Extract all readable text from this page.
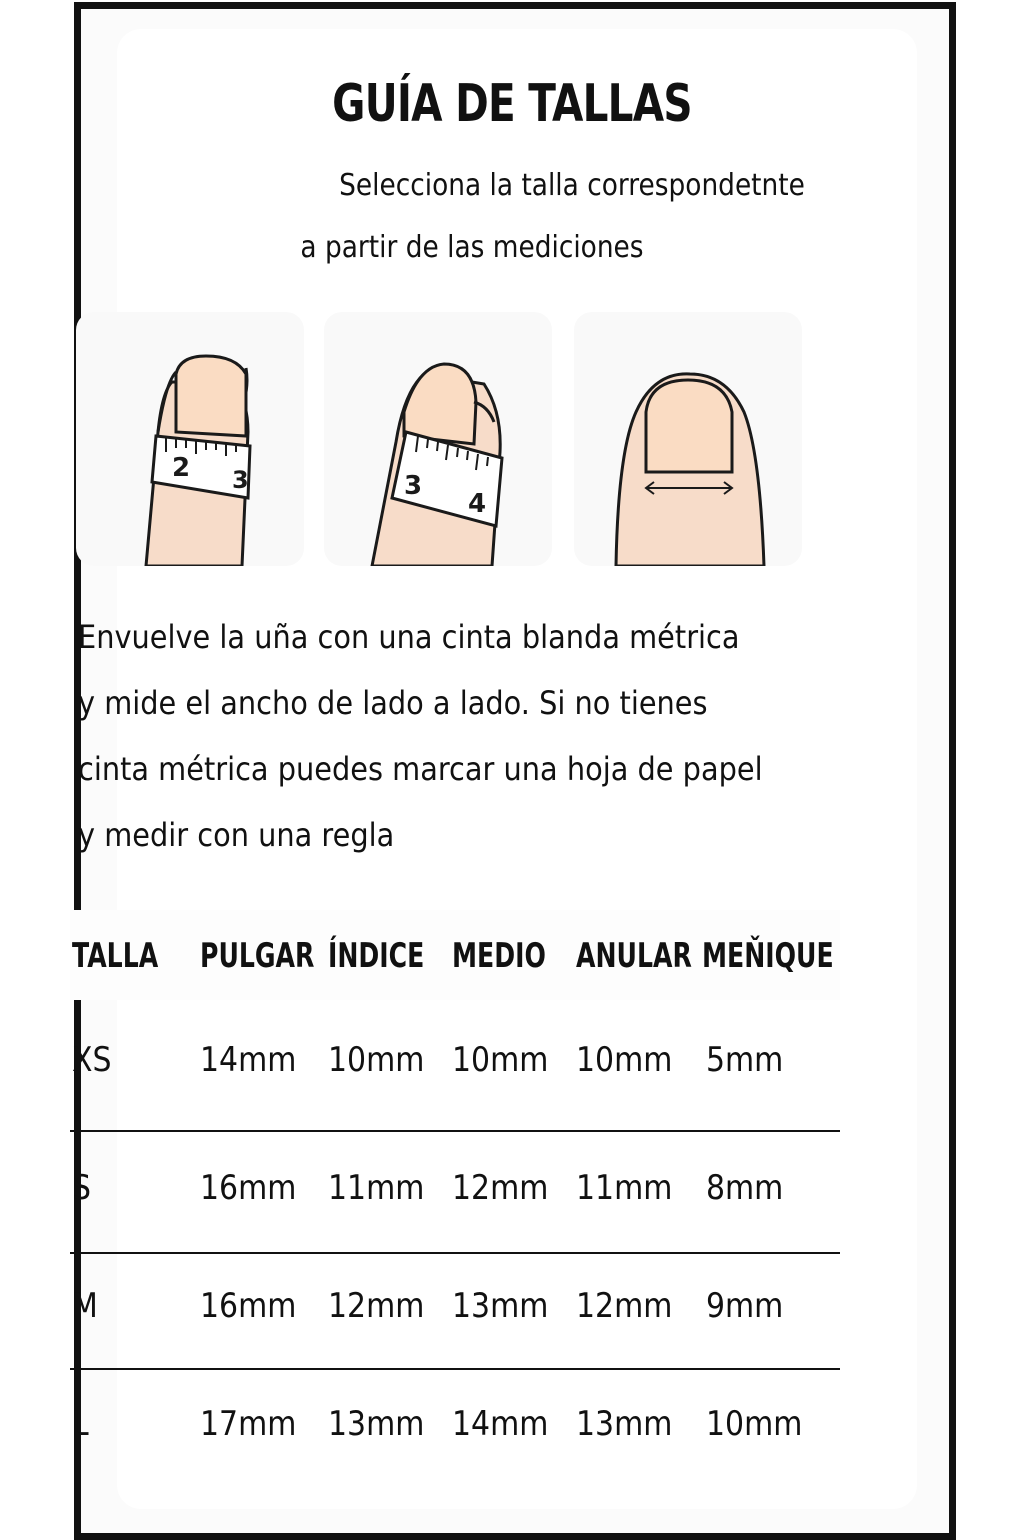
GUÍA DE TALLAS
Selecciona la talla correspondetnte
a partir de las mediciones
2 3	3
4
Envuelve la uña con una cinta blanda métrica
y mide el ancho de lado a lado. Si no tienes
cinta métrica puedes marcar una hoja de papel
y medir con una regla
TALLA PULGAR ÍNDICE MEDIO ANULAR MEŇIQUE
XS	14mm 10mm 10mm 10mm 5mm
S	16mm 11mm 12mm 11mm 8mm
M	16mm 12mm 13mm 12mm 9mm
L	17mm 13mm 14mm 13mm 10mm
